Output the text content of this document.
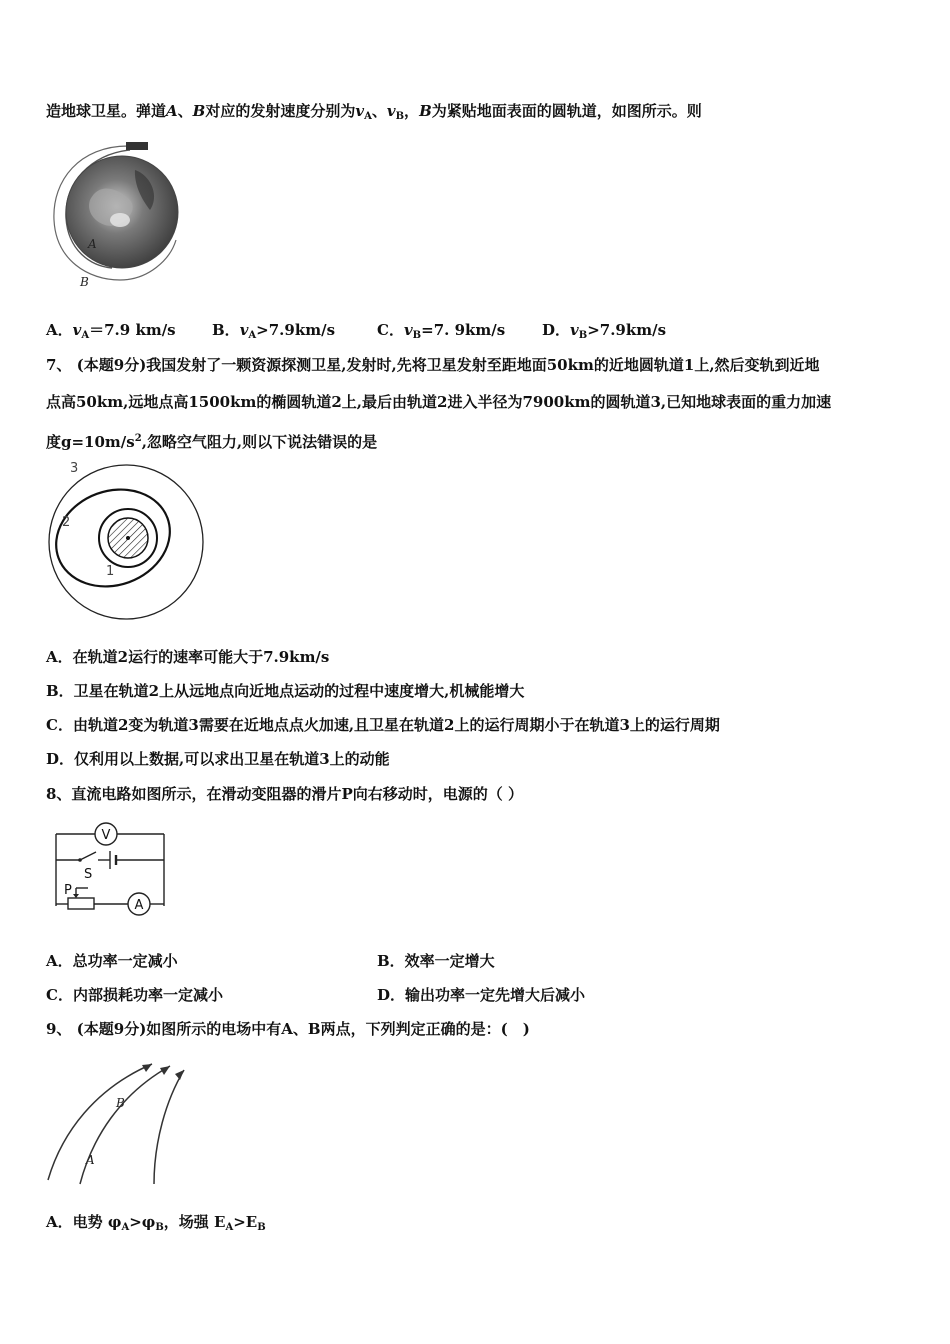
造地球卫星。弹道A、B对应的发射速度分别为$v_A$、$v_B$，B为紧贴地面表面的圆轨道，如图所示。则
A
B
A．$v_A=7.9$ km/s B．$v_A>7.9km/s$	C．$v_B=7$. 9km/s D．$v_B>7.9km/s$
7、 (本题9分)我国发射了一颗资源探测卫星,发射时,先将卫星发射至距地面50km的近地圆轨道1上,然后变轨到近地
点高50km,远地点高1500km的椭圆轨道2上,最后由轨道2进入半径为7900km的圆轨道3,已知地球表面的重力加速
度$g=10m/s^2$,忽略空气阻力,则以下说法错误的是
3
2
1
A．在轨道2运行的速率可能大于7.9km/s
B．卫星在轨道2上从远地点向近地点运动的过程中速度增大,机械能增大
C．由轨道2变为轨道3需要在近地点点火加速,且卫星在轨道2上的运行周期小于在轨道3上的运行周期
D．仅利用以上数据,可以求出卫星在轨道3上的动能
8、直流电路如图所示，在滑动变阻器的滑片P向右移动时，电源的（ ）
V
S
P
A
A．总功率一定减小	B．效率一定增大
C．内部损耗功率一定减小	D．输出功率一定先增大后减小
9、 (本题9分)如图所示的电场中有A、B两点，下列判定正确的是：(　)
B
A
A．电势 $\varphi_A>\varphi_B$，场强 $E_A>E_B$
